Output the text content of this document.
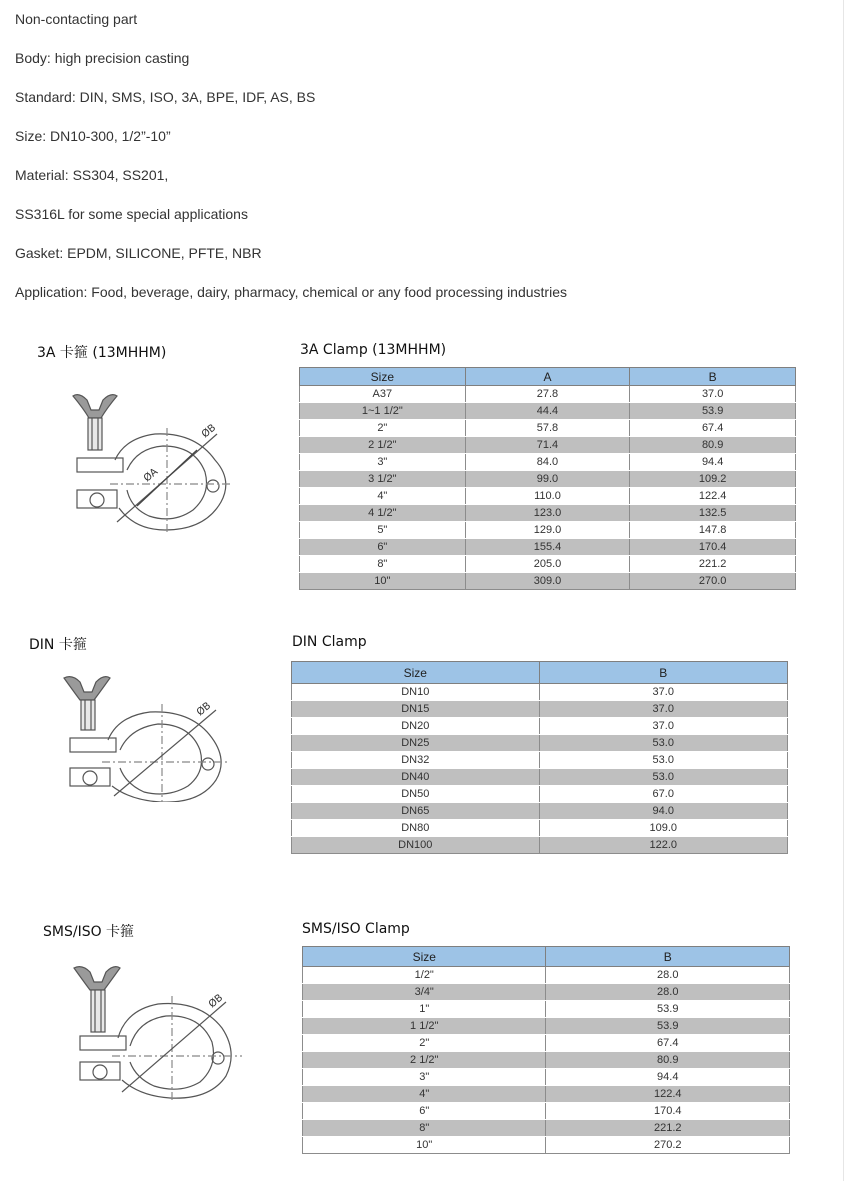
Non-contacting part
Body: high precision casting
Standard: DIN, SMS, ISO, 3A, BPE, IDF, AS, BS
Size: DN10-300, 1/2”-10”
Material: SS304, SS201,
SS316L for some special applications
Gasket: EPDM, SILICONE, PFTE, NBR
Application: Food, beverage, dairy, pharmacy, chemical or any food processing industries
3A 卡箍 (13MHHM)	3A Clamp (13MHHM)
ØB
ØA
Size	A	B
A37	27.8	37.0
1~1 1/2"	44.4	53.9
2"	57.8	67.4
2 1/2"	71.4	80.9
3"	84.0	94.4
3 1/2"	99.0	109.2
4"	110.0	122.4
4 1/2"	123.0	132.5
5"	129.0	147.8
6"	155.4	170.4
8"	205.0	221.2
10"	309.0	270.0
DIN 卡箍	DIN Clamp
ØB
Size	B
DN10	37.0
DN15	37.0
DN20	37.0
DN25	53.0
DN32	53.0
DN40	53.0
DN50	67.0
DN65	94.0
DN80	109.0
DN100	122.0
SMS/ISO 卡箍	SMS/ISO Clamp
ØB
Size	B
1/2"	28.0
3/4"	28.0
1"	53.9
1 1/2"	53.9
2"	67.4
2 1/2"	80.9
3"	94.4
4"	122.4
6"	170.4
8"	221.2
10"	270.2
